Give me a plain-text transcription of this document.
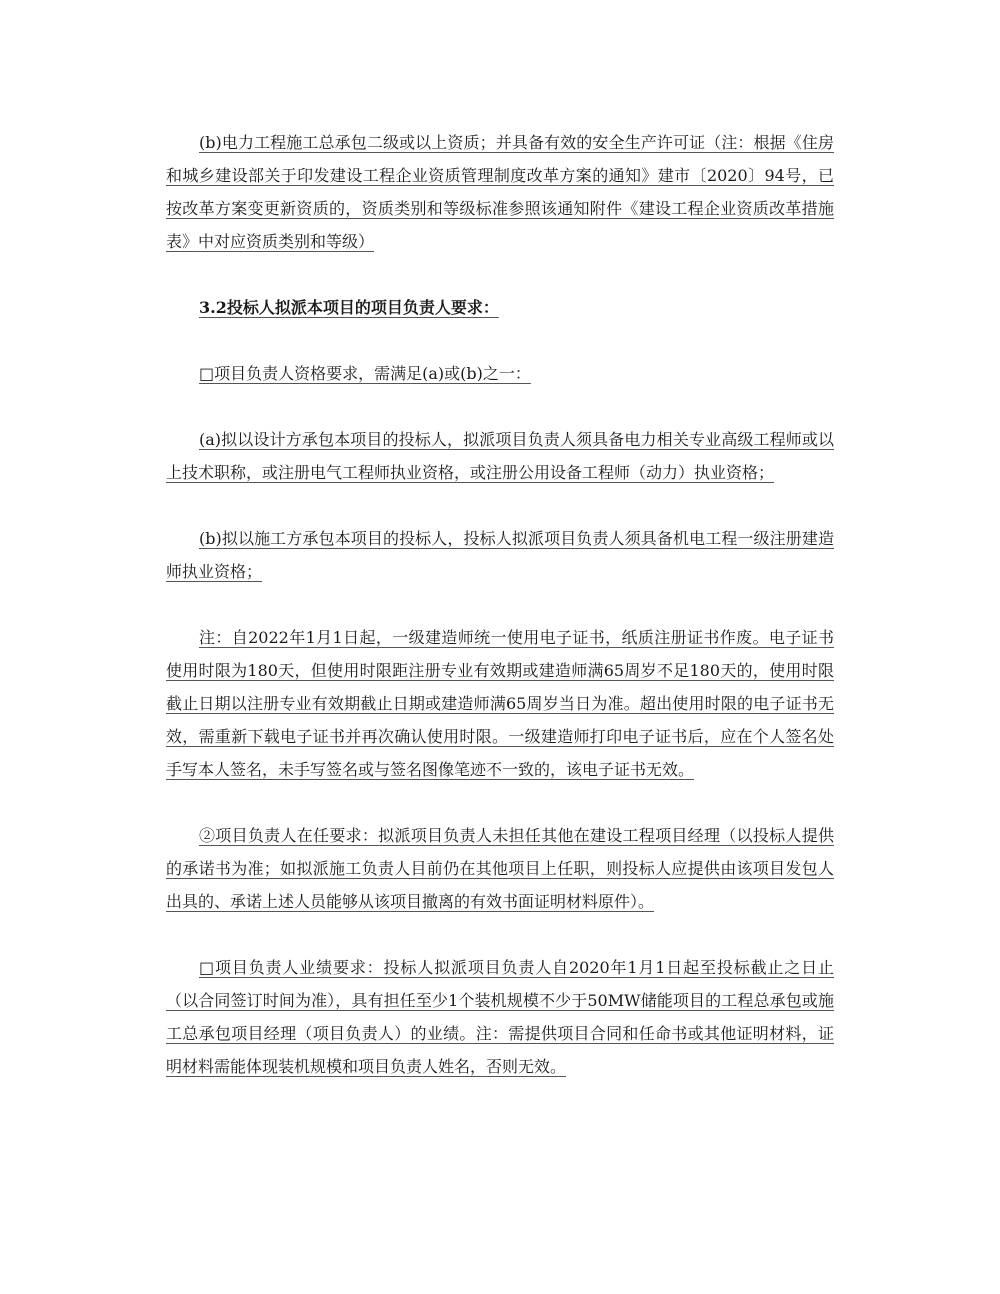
(b)电力工程施工总承包二级或以上资质；并具备有效的安全生产许可证（注：根据《住房和城乡建设部关于印发建设工程企业资质管理制度改革方案的通知》建市〔2020〕94号，已按改革方案变更新资质的，资质类别和等级标准参照该通知附件《建设工程企业资质改革措施表》中对应资质类别和等级）

3.2投标人拟派本项目的项目负责人要求：

□项目负责人资格要求，需满足(a)或(b)之一：

(a)拟以设计方承包本项目的投标人，拟派项目负责人须具备电力相关专业高级工程师或以上技术职称，或注册电气工程师执业资格，或注册公用设备工程师（动力）执业资格；

(b)拟以施工方承包本项目的投标人，投标人拟派项目负责人须具备机电工程一级注册建造师执业资格；

注：自2022年1月1日起，一级建造师统一使用电子证书，纸质注册证书作废。电子证书使用时限为180天，但使用时限距注册专业有效期或建造师满65周岁不足180天的，使用时限截止日期以注册专业有效期截止日期或建造师满65周岁当日为准。超出使用时限的电子证书无效，需重新下载电子证书并再次确认使用时限。一级建造师打印电子证书后，应在个人签名处手写本人签名，未手写签名或与签名图像笔迹不一致的，该电子证书无效。

②项目负责人在任要求：拟派项目负责人未担任其他在建设工程项目经理（以投标人提供的承诺书为准；如拟派施工负责人目前仍在其他项目上任职，则投标人应提供由该项目发包人出具的、承诺上述人员能够从该项目撤离的有效书面证明材料原件）。

□项目负责人业绩要求：投标人拟派项目负责人自2020年1月1日起至投标截止之日止（以合同签订时间为准），具有担任至少1个装机规模不少于50MW储能项目的工程总承包或施工总承包项目经理（项目负责人）的业绩。注：需提供项目合同和任命书或其他证明材料，证明材料需能体现装机规模和项目负责人姓名，否则无效。
